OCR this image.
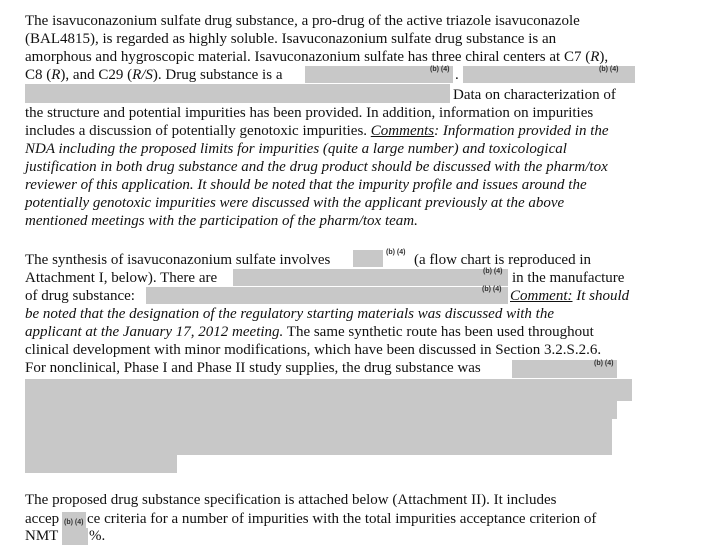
The isavuconazonium sulfate drug substance, a pro-drug of the active triazole isavuconazole
(BAL4815), is regarded as highly soluble. Isavuconazonium sulfate drug substance is an
amorphous and hygroscopic material. Isavuconazonium sulfate has three chiral centers at C7 (R),
C8 (R), and C29 (R/S). Drug substance is a	(b) (4) .	(b) (4)
Data on characterization of
the structure and potential impurities has been provided. In addition, information on impurities
includes a discussion of potentially genotoxic impurities. Comments: Information provided in the
NDA including the proposed limits for impurities (quite a large number) and toxicological
justification in both drug substance and the drug product should be discussed with the pharm/tox
reviewer of this application. It should be noted that the impurity profile and issues around the
potentially genotoxic impurities were discussed with the applicant previously at the above
mentioned meetings with the participation of the pharm/tox team.
The synthesis of isavuconazonium sulfate involves	(b) (4) (a flow chart is reproduced in
Attachment I, below). There are	(b) (4) in the manufacture
of drug substance:	(b) (4) Comment: It should
be noted that the designation of the regulatory starting materials was discussed with the
applicant at the January 17, 2012 meeting. The same synthetic route has been used throughout
clinical development with minor modifications, which have been discussed in Section 3.2.S.2.6.
For nonclinical, Phase I and Phase II study supplies, the drug substance was	(b) (4)
The proposed drug substance specification is attached below (Attachment II). It includes
accep (b) (4) ce criteria for a number of impurities with the total impurities acceptance criterion of
NMT %.
